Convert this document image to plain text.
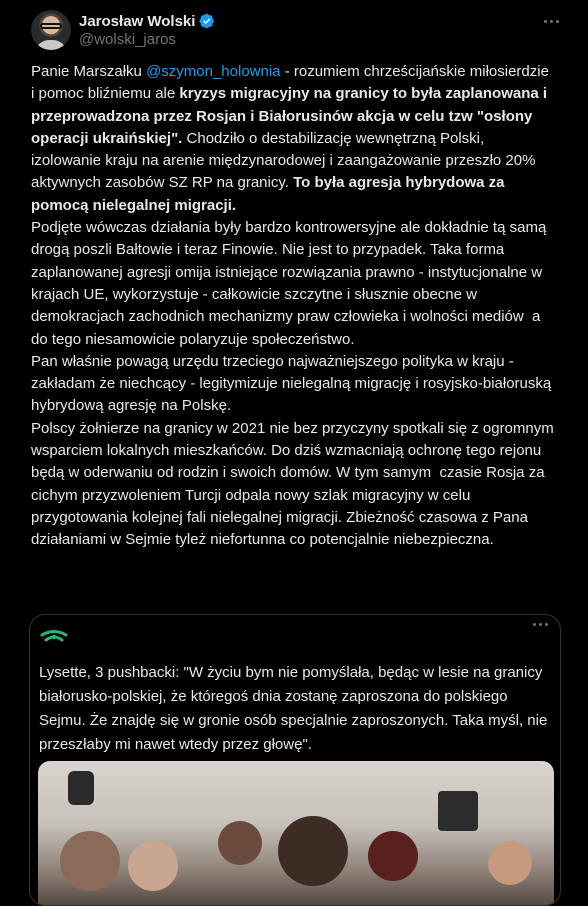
Jarosław Wolski
@wolski_jaros
Panie Marszałku @szymon_holownia - rozumiem chrześcijańskie miłosierdzie i pomoc bliźniemu ale kryzys migracyjny na granicy to była zaplanowana i przeprowadzona przez Rosjan i Białorusinów akcja w celu tzw "osłony operacji ukraińskiej". Chodziło o destabilizację wewnętrzną Polski, izolowanie kraju na arenie międzynarodowej i zaangażowanie przeszło 20% aktywnych zasobów SZ RP na granicy. To była agresja hybrydowa za pomocą nielegalnej migracji.
Podjęte wówczas działania były bardzo kontrowersyjne ale dokładnie tą samą drogą poszli Bałtowie i teraz Finowie. Nie jest to przypadek. Taka forma zaplanowanej agresji omija istniejące rozwiązania prawno - instytucjonalne w krajach UE, wykorzystuje - całkowicie szczytne i słusznie obecne w demokracjach zachodnich mechanizmy praw człowieka i wolności mediów  a do tego niesamowicie polaryzuje społeczeństwo.
Pan właśnie powagą urzędu trzeciego najważniejszego polityka w kraju - zakładam że niechcący - legitymizuje nielegalną migrację i rosyjsko-białoruską hybrydową agresję na Polskę.
Polscy żołnierze na granicy w 2021 nie bez przyczyny spotkali się z ogromnym wsparciem lokalnych mieszkańców. Do dziś wzmacniają ochronę tego rejonu będą w oderwaniu od rodzin i swoich domów. W tym samym  czasie Rosja za cichym przyzwoleniem Turcji odpala nowy szlak migracyjny w celu przygotowania kolejnej fali nielegalnej migracji. Zbieżność czasowa z Pana działaniami w Sejmie tyleż niefortunna co potencjalnie niebezpieczna.
Lysette, 3 pushbacki: "W życiu bym nie pomyślała, będąc w lesie na granicy białorusko-polskiej, że któregoś dnia zostanę zaproszona do polskiego Sejmu. Że znajdę się w gronie osób specjalnie zaproszonych. Taka myśl, nie przeszłaby mi nawet wtedy przez głowę".
